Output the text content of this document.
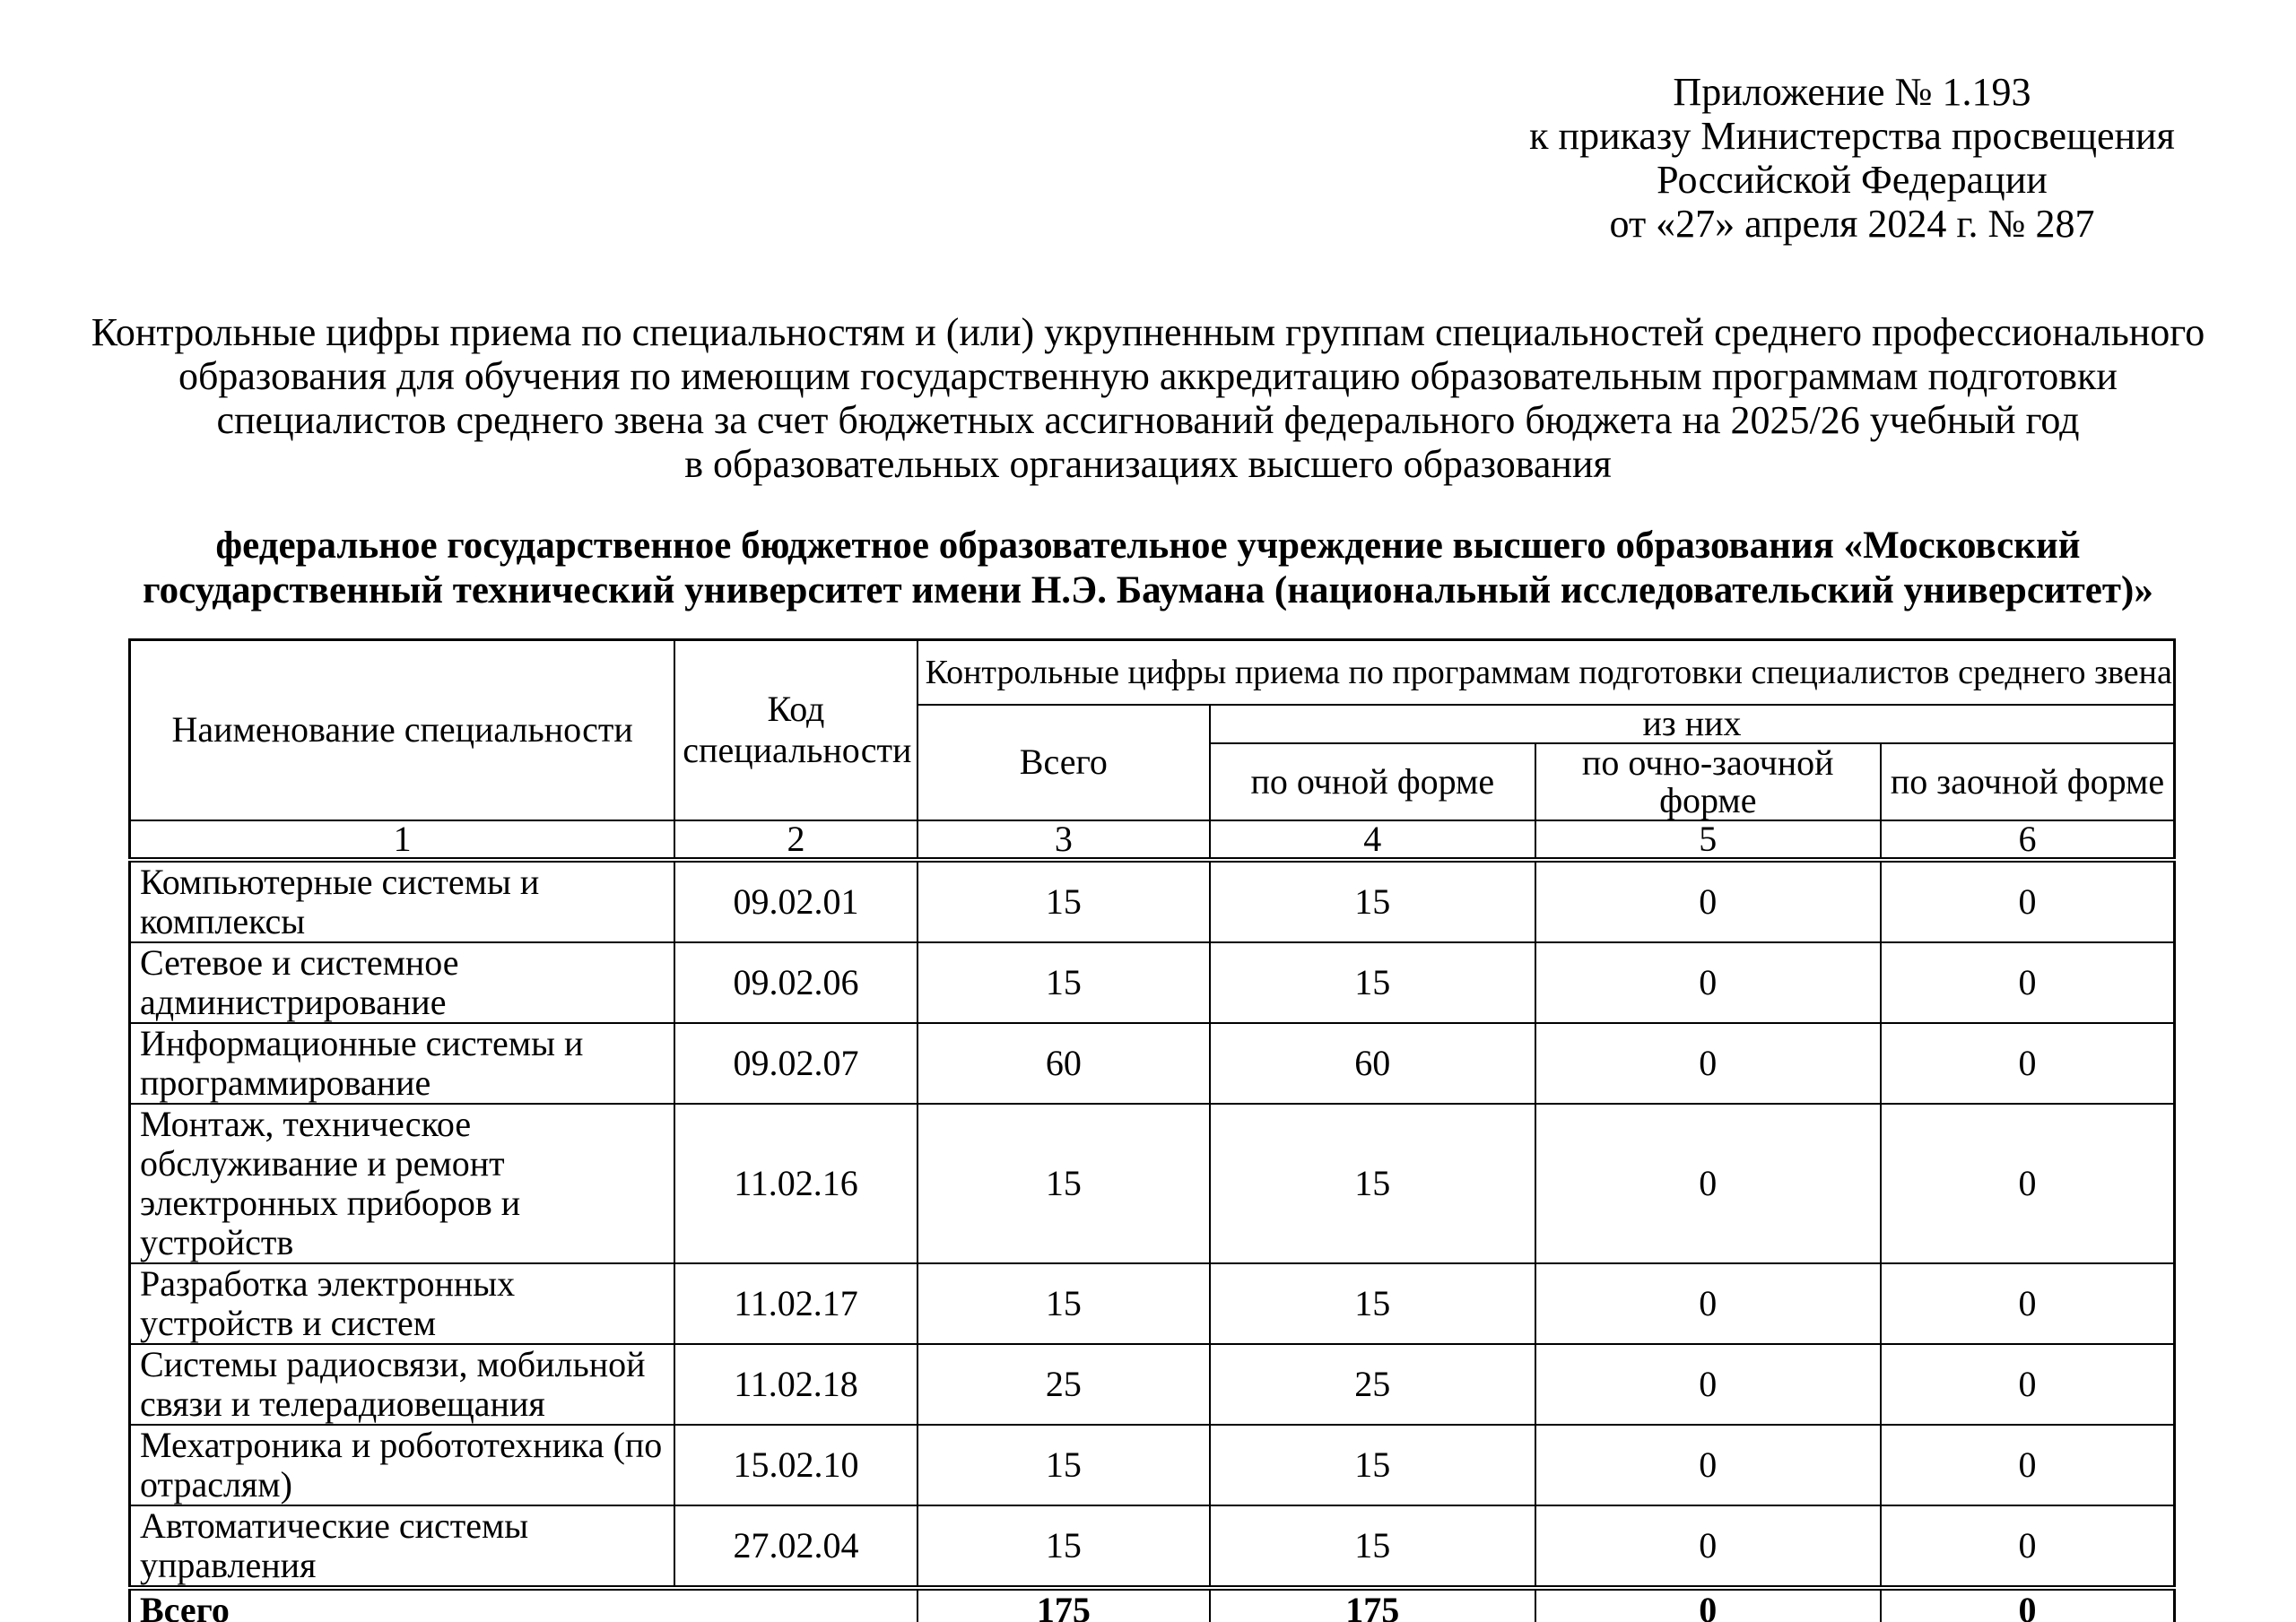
Приложение № 1.193
к приказу Министерства просвещения
Российской Федерации
от «27» апреля 2024 г. № 287
Контрольные цифры приема по специальностям и (или) укрупненным группам специальностей среднего профессионального
образования для обучения по имеющим государственную аккредитацию образовательным программам подготовки
специалистов среднего звена за счет бюджетных ассигнований федерального бюджета на 2025/26 учебный год
в образовательных организациях высшего образования
федеральное государственное бюджетное образовательное учреждение высшего образования «Московский
государственный технический университет имени Н.Э. Баумана (национальный исследовательский университет)»
Наименование специальности	Код специальности	Контрольные цифры приема по программам подготовки специалистов среднего звена			
		Всего	из них		
			по очной форме	по очно-заочной форме	по заочной форме
1	2	3	4	5	6
Компьютерные системы и комплексы	09.02.01	15	15	0	0
Сетевое и системное администрирование	09.02.06	15	15	0	0
Информационные системы и программирование	09.02.07	60	60	0	0
Монтаж, техническое обслуживание и ремонт электронных приборов и устройств	11.02.16	15	15	0	0
Разработка электронных устройств и систем	11.02.17	15	15	0	0
Системы радиосвязи, мобильной связи и телерадиовещания	11.02.18	25	25	0	0
Мехатроника и робототехника (по отраслям)	15.02.10	15	15	0	0
Автоматические системы управления	27.02.04	15	15	0	0
Всего		175	175	0	0
